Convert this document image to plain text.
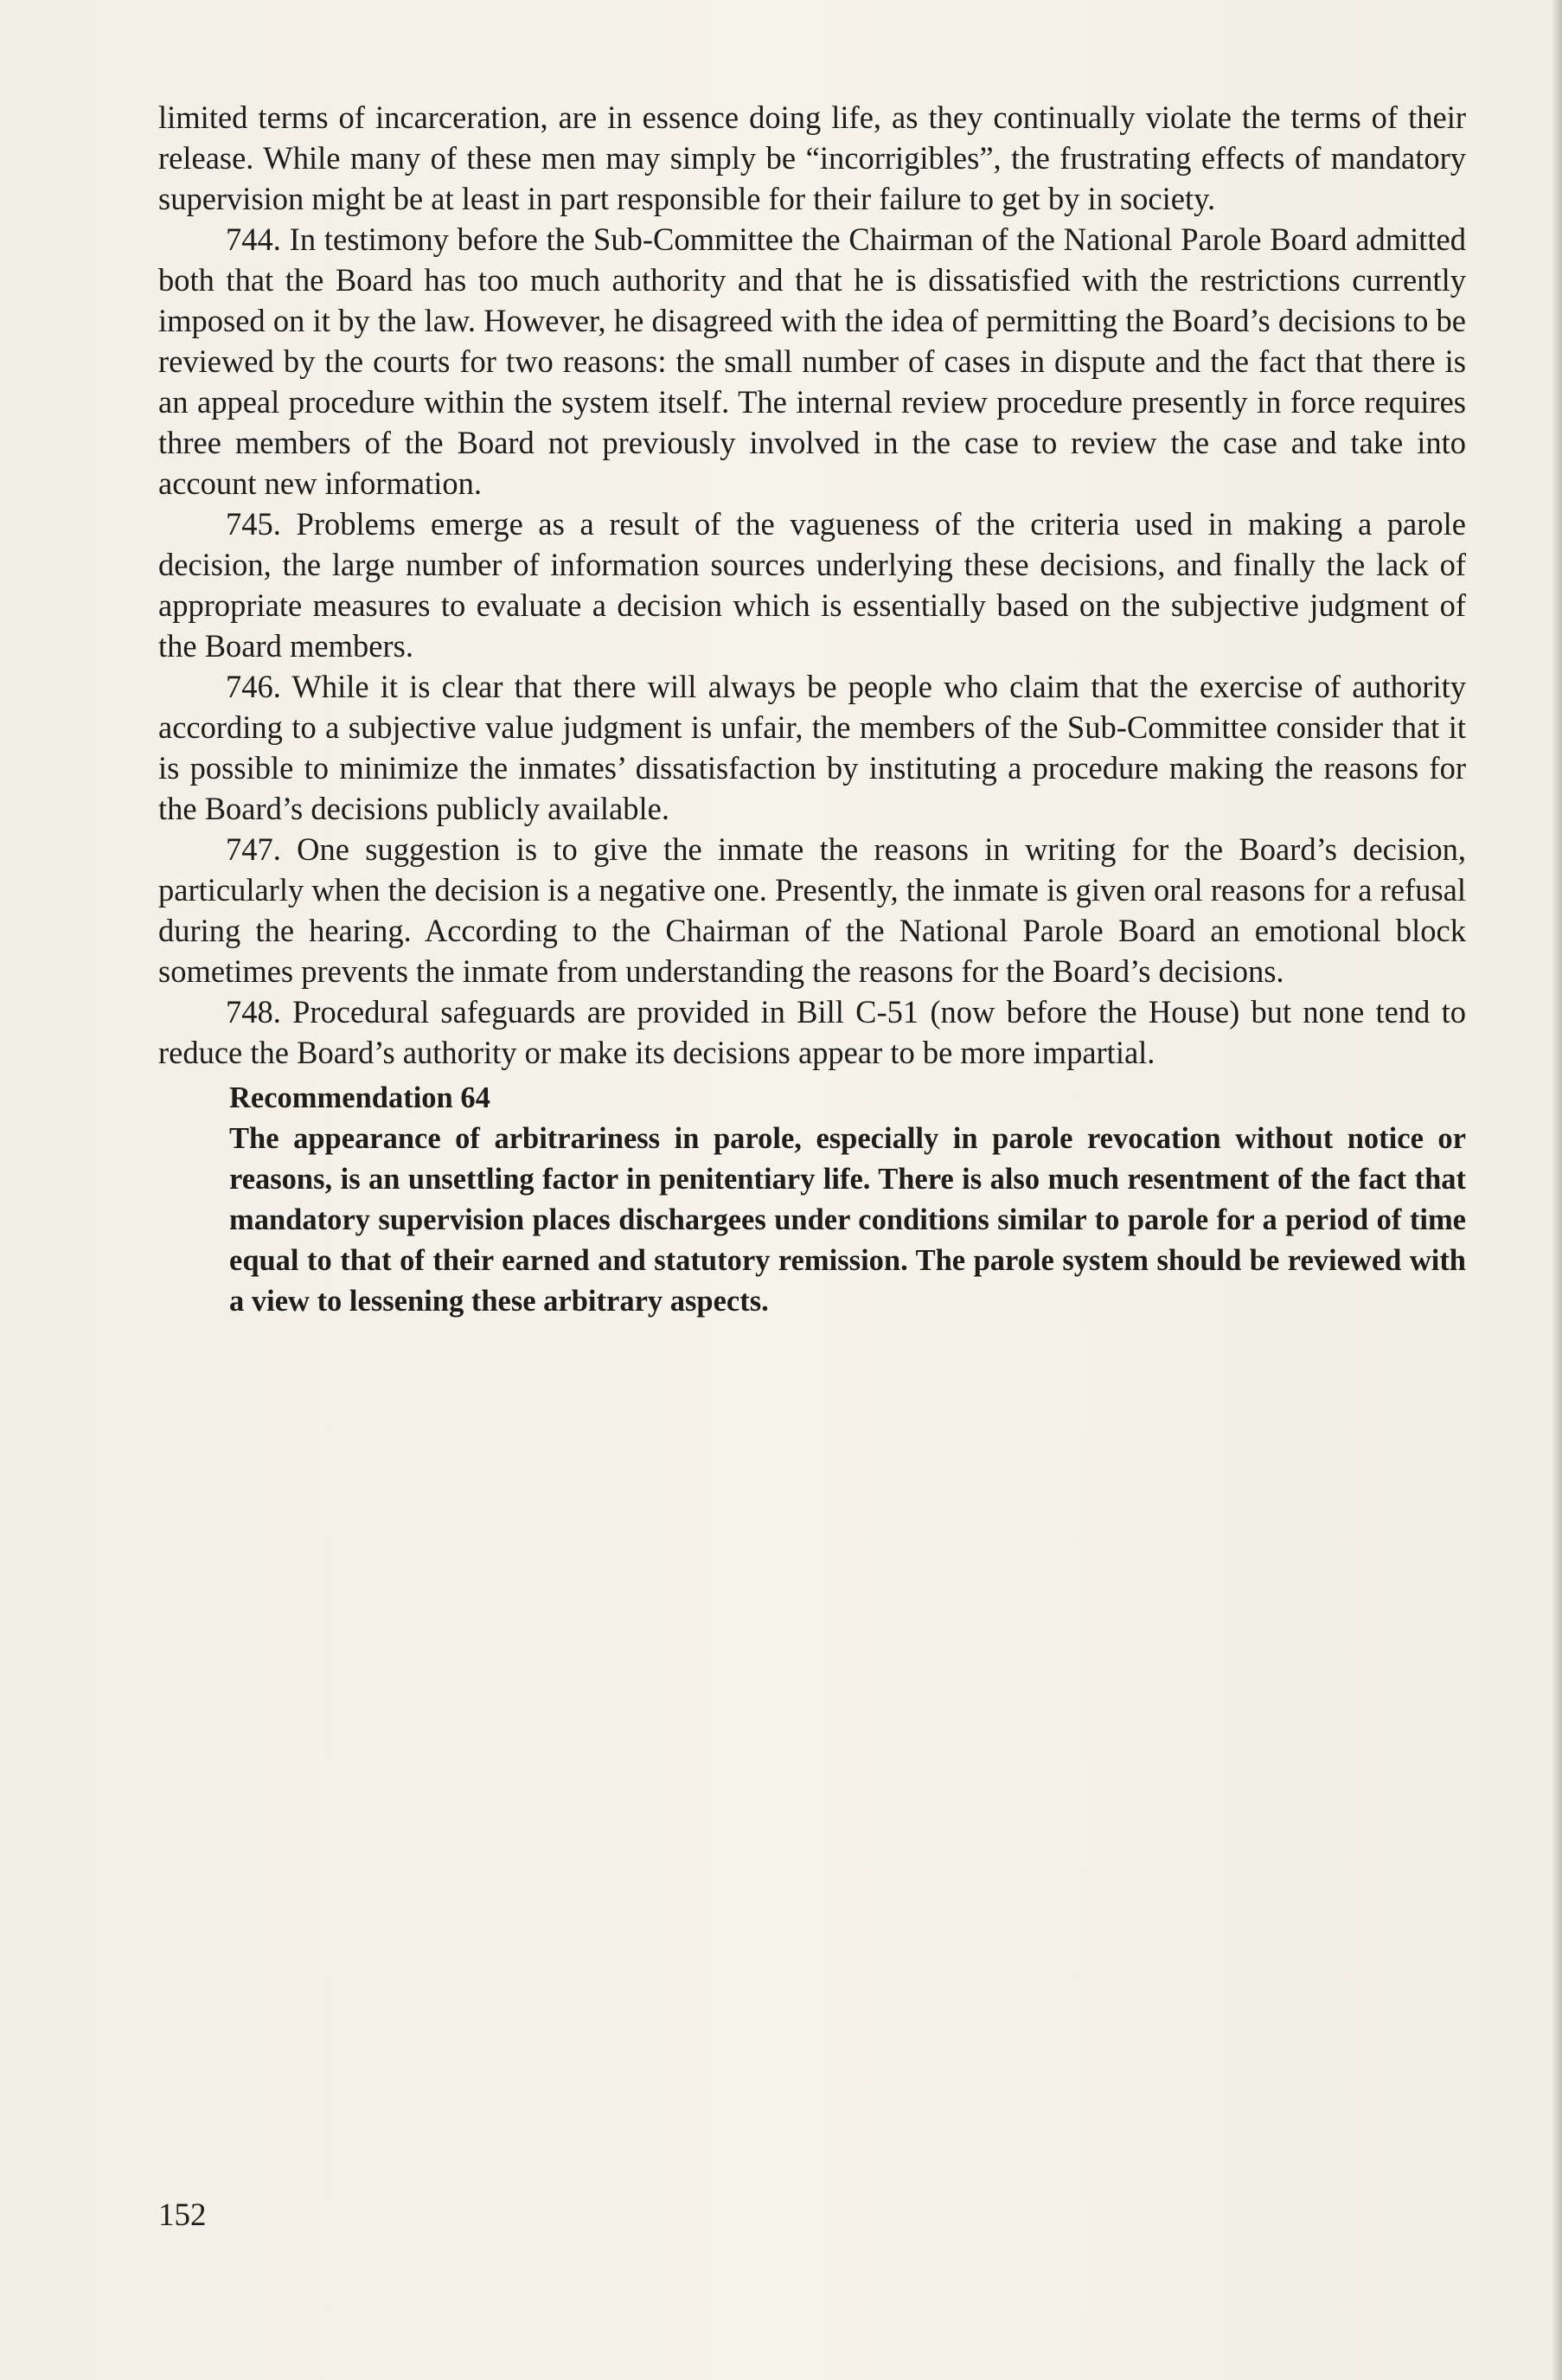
limited terms of incarceration, are in essence doing life, as they continually violate the terms of their release. While many of these men may simply be “incorrigibles”, the frustrating effects of mandatory supervision might be at least in part responsible for their failure to get by in society.

744. In testimony before the Sub-Committee the Chairman of the National Parole Board admitted both that the Board has too much authority and that he is dissatisfied with the restrictions currently imposed on it by the law. However, he disagreed with the idea of permitting the Board’s decisions to be reviewed by the courts for two reasons: the small number of cases in dispute and the fact that there is an appeal procedure within the system itself. The internal review procedure presently in force requires three members of the Board not previously involved in the case to review the case and take into account new information.

745. Problems emerge as a result of the vagueness of the criteria used in making a parole decision, the large number of information sources underlying these decisions, and finally the lack of appropriate measures to evaluate a decision which is essentially based on the subjective judgment of the Board members.

746. While it is clear that there will always be people who claim that the exercise of authority according to a subjective value judgment is unfair, the members of the Sub-Committee consider that it is possible to minimize the inmates’ dissatisfaction by instituting a procedure making the reasons for the Board’s decisions publicly available.

747. One suggestion is to give the inmate the reasons in writing for the Board’s decision, particularly when the decision is a negative one. Presently, the inmate is given oral reasons for a refusal during the hearing. According to the Chairman of the National Parole Board an emotional block sometimes prevents the inmate from understanding the reasons for the Board’s decisions.

748. Procedural safeguards are provided in Bill C-51 (now before the House) but none tend to reduce the Board’s authority or make its decisions appear to be more impartial.

Recommendation 64

The appearance of arbitrariness in parole, especially in parole revocation without notice or reasons, is an unsettling factor in penitentiary life. There is also much resentment of the fact that mandatory supervision places dischargees under conditions similar to parole for a period of time equal to that of their earned and statutory remission. The parole system should be reviewed with a view to lessening these arbitrary aspects.

152
